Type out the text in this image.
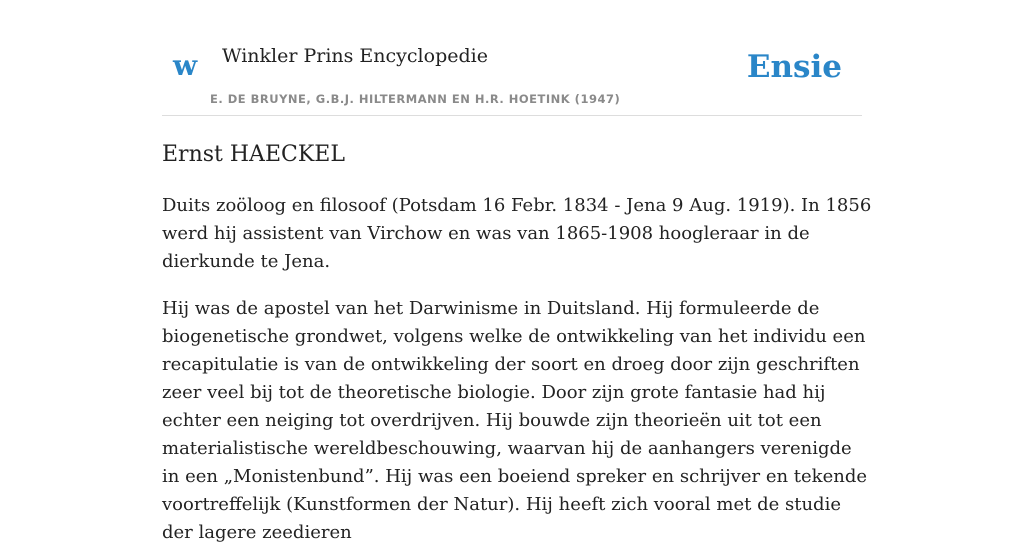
w Winkler Prins Encyclopedie
E. DE BRUYNE, G.B.J. HILTERMANN EN H.R. HOETINK (1947)
Ensie
Ernst HAECKEL

Duits zoöloog en filosoof (Potsdam 16 Febr. 1834 - Jena 9 Aug. 1919). In 1856 werd hij assistent van Virchow en was van 1865-1908 hoogleraar in de dierkunde te Jena.

Hij was de apostel van het Darwinisme in Duitsland. Hij formuleerde de biogenetische grondwet, volgens welke de ontwikkeling van het individu een recapitulatie is van de ontwikkeling der soort en droeg door zijn geschriften zeer veel bij tot de theoretische biologie. Door zijn grote fantasie had hij echter een neiging tot overdrijven. Hij bouwde zijn theorieën uit tot een materialistische wereldbeschouwing, waarvan hij de aanhangers verenigde in een „Monistenbund”. Hij was een boeiend spreker en schrijver en tekende voortreffelijk (Kunstformen der Natur). Hij heeft zich vooral met de studie der lagere zeedieren
